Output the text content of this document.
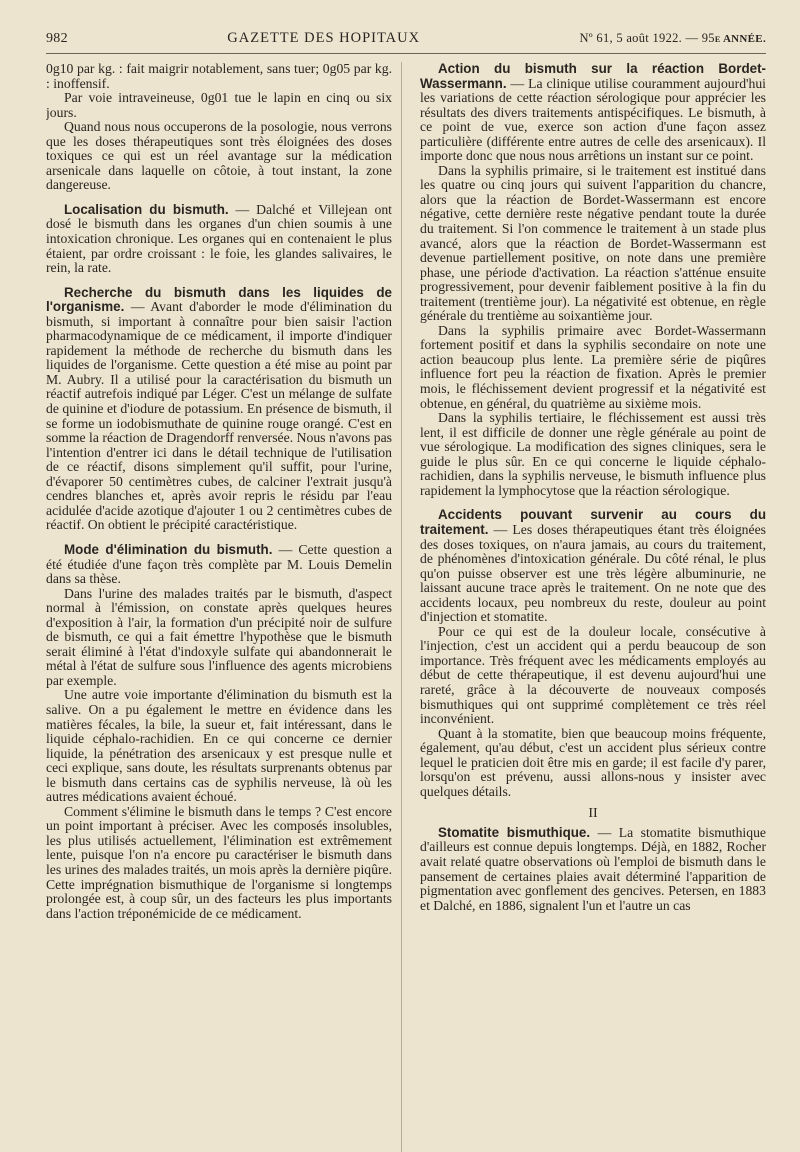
982	GAZETTE DES HOPITAUX	Nº 61, 5 août 1922. — 95e ANNÉE.

0g10 par kg. : fait maigrir notablement, sans tuer; 0g05 par kg. : inoffensif.

Par voie intraveineuse, 0g01 tue le lapin en cinq ou six jours.

Quand nous nous occuperons de la posologie, nous verrons que les doses thérapeutiques sont très éloignées des doses toxiques ce qui est un réel avantage sur la médication arsenicale dans laquelle on côtoie, à tout instant, la zone dangereuse.

Localisation du bismuth. — Dalché et Villejean ont dosé le bismuth dans les organes d'un chien soumis à une intoxication chronique. Les organes qui en contenaient le plus étaient, par ordre croissant : le foie, les glandes salivaires, le rein, la rate.

Recherche du bismuth dans les liquides de l'organisme. — Avant d'aborder le mode d'élimination du bismuth, si important à connaître pour bien saisir l'action pharmacodynamique de ce médicament, il importe d'indiquer rapidement la méthode de recherche du bismuth dans les liquides de l'organisme. Cette question a été mise au point par M. Aubry. Il a utilisé pour la caractérisation du bismuth un réactif autrefois indiqué par Léger. C'est un mélange de sulfate de quinine et d'iodure de potassium. En présence de bismuth, il se forme un iodobismuthate de quinine rouge orangé. C'est en somme la réaction de Dragendorff renversée. Nous n'avons pas l'intention d'entrer ici dans le détail technique de l'utilisation de ce réactif, disons simplement qu'il suffit, pour l'urine, d'évaporer 50 centimètres cubes, de calciner l'extrait jusqu'à cendres blanches et, après avoir repris le résidu par l'eau acidulée d'acide azotique d'ajouter 1 ou 2 centimètres cubes de réactif. On obtient le précipité caractéristique.

Mode d'élimination du bismuth. — Cette question a été étudiée d'une façon très complète par M. Louis Demelin dans sa thèse.

Dans l'urine des malades traités par le bismuth, d'aspect normal à l'émission, on constate après quelques heures d'exposition à l'air, la formation d'un précipité noir de sulfure de bismuth, ce qui a fait émettre l'hypothèse que le bismuth serait éliminé à l'état d'indoxyle sulfate qui abandonnerait le métal à l'état de sulfure sous l'influence des agents microbiens par exemple.

Une autre voie importante d'élimination du bismuth est la salive. On a pu également le mettre en évidence dans les matières fécales, la bile, la sueur et, fait intéressant, dans le liquide céphalo-rachidien. En ce qui concerne ce dernier liquide, la pénétration des arsenicaux y est presque nulle et ceci explique, sans doute, les résultats surprenants obtenus par le bismuth dans certains cas de syphilis nerveuse, là où les autres médications avaient échoué.

Comment s'élimine le bismuth dans le temps ? C'est encore un point important à préciser. Avec les composés insolubles, les plus utilisés actuellement, l'élimination est extrêmement lente, puisque l'on n'a encore pu caractériser le bismuth dans les urines des malades traités, un mois après la dernière piqûre. Cette imprégnation bismuthique de l'organisme si longtemps prolongée est, à coup sûr, un des facteurs les plus importants dans l'action tréponémicide de ce médicament.

Action du bismuth sur la réaction Bordet-Wassermann. — La clinique utilise couramment aujourd'hui les variations de cette réaction sérologique pour apprécier les résultats des divers traitements antispécifiques. Le bismuth, à ce point de vue, exerce son action d'une façon assez particulière (différente entre autres de celle des arsenicaux). Il importe donc que nous nous arrêtions un instant sur ce point.

Dans la syphilis primaire, si le traitement est institué dans les quatre ou cinq jours qui suivent l'apparition du chancre, alors que la réaction de Bordet-Wassermann est encore négative, cette dernière reste négative pendant toute la durée du traitement. Si l'on commence le traitement à un stade plus avancé, alors que la réaction de Bordet-Wassermann est devenue partiellement positive, on note dans une première phase, une période d'activation. La réaction s'atténue ensuite progressivement, pour devenir faiblement positive à la fin du traitement (trentième jour). La négativité est obtenue, en règle générale du trentième au soixantième jour.

Dans la syphilis primaire avec Bordet-Wassermann fortement positif et dans la syphilis secondaire on note une action beaucoup plus lente. La première série de piqûres influence fort peu la réaction de fixation. Après le premier mois, le fléchissement devient progressif et la négativité est obtenue, en général, du quatrième au sixième mois.

Dans la syphilis tertiaire, le fléchissement est aussi très lent, il est difficile de donner une règle générale au point de vue sérologique. La modification des signes cliniques, sera le guide le plus sûr. En ce qui concerne le liquide céphalo-rachidien, dans la syphilis nerveuse, le bismuth influence plus rapidement la lymphocytose que la réaction sérologique.

Accidents pouvant survenir au cours du traitement. — Les doses thérapeutiques étant très éloignées des doses toxiques, on n'aura jamais, au cours du traitement, de phénomènes d'intoxication générale. Du côté rénal, le plus qu'on puisse observer est une très légère albuminurie, ne laissant aucune trace après le traitement. On ne note que des accidents locaux, peu nombreux du reste, douleur au point d'injection et stomatite.

Pour ce qui est de la douleur locale, consécutive à l'injection, c'est un accident qui a perdu beaucoup de son importance. Très fréquent avec les médicaments employés au début de cette thérapeutique, il est devenu aujourd'hui une rareté, grâce à la découverte de nouveaux composés bismuthiques qui ont supprimé complètement ce très réel inconvénient.

Quant à la stomatite, bien que beaucoup moins fréquente, également, qu'au début, c'est un accident plus sérieux contre lequel le praticien doit être mis en garde; il est facile d'y parer, lorsqu'on est prévenu, aussi allons-nous y insister avec quelques détails.

II

Stomatite bismuthique. — La stomatite bismuthique d'ailleurs est connue depuis longtemps. Déjà, en 1882, Rocher avait relaté quatre observations où l'emploi de bismuth dans le pansement de certaines plaies avait déterminé l'apparition de pigmentation avec gonflement des gencives. Petersen, en 1883 et Dalché, en 1886, signalent l'un et l'autre un cas
